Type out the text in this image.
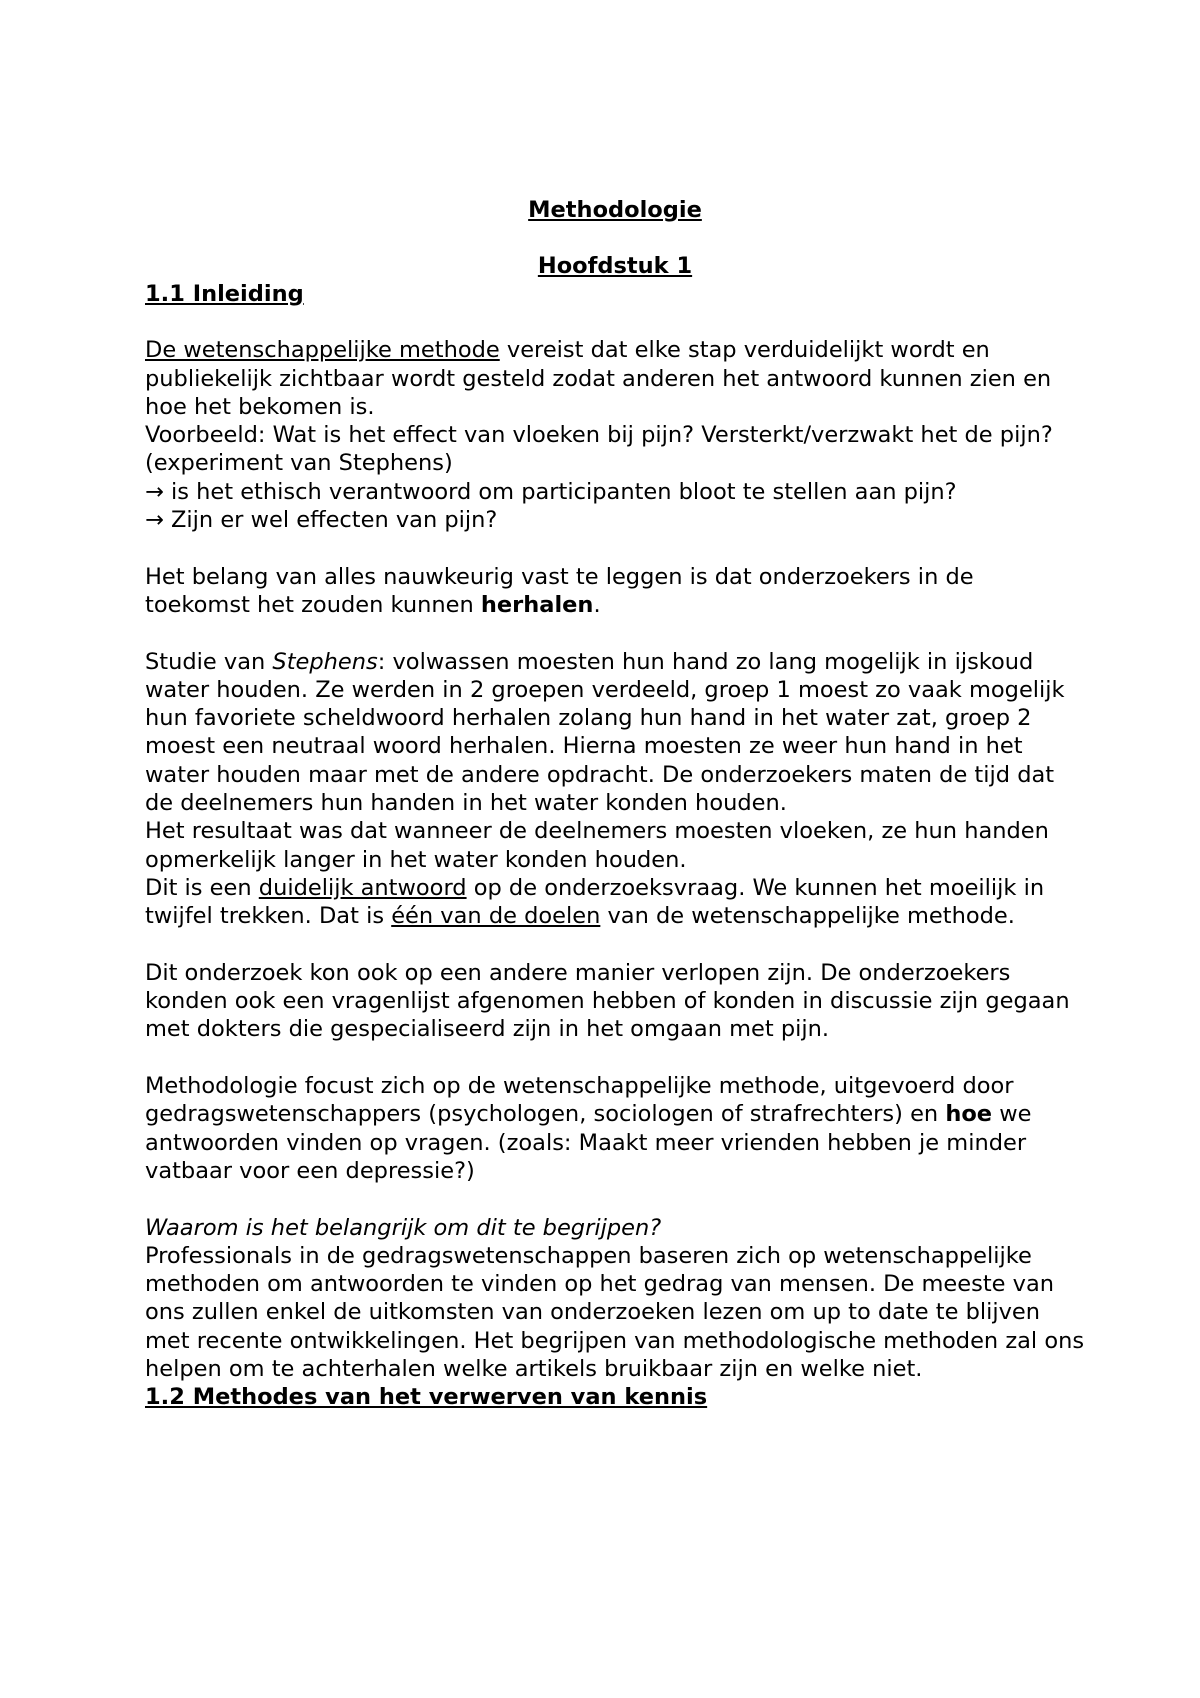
Methodologie
Hoofdstuk 1
1.1 Inleiding

De wetenschappelijke methode vereist dat elke stap verduidelijkt wordt en publiekelijk zichtbaar wordt gesteld zodat anderen het antwoord kunnen zien en hoe het bekomen is.

Voorbeeld: Wat is het effect van vloeken bij pijn? Versterkt/verzwakt het de pijn? (experiment van Stephens)

→ is het ethisch verantwoord om participanten bloot te stellen aan pijn?

→ Zijn er wel effecten van pijn?

Het belang van alles nauwkeurig vast te leggen is dat onderzoekers in de toekomst het zouden kunnen herhalen.

Studie van Stephens: volwassen moesten hun hand zo lang mogelijk in ijskoud water houden. Ze werden in 2 groepen verdeeld, groep 1 moest zo vaak mogelijk hun favoriete scheldwoord herhalen zolang hun hand in het water zat, groep 2 moest een neutraal woord herhalen. Hierna moesten ze weer hun hand in het water houden maar met de andere opdracht. De onderzoekers maten de tijd dat de deelnemers hun handen in het water konden houden.

Het resultaat was dat wanneer de deelnemers moesten vloeken, ze hun handen opmerkelijk langer in het water konden houden.

Dit is een duidelijk antwoord op de onderzoeksvraag. We kunnen het moeilijk in twijfel trekken. Dat is één van de doelen van de wetenschappelijke methode.

Dit onderzoek kon ook op een andere manier verlopen zijn. De onderzoekers konden ook een vragenlijst afgenomen hebben of konden in discussie zijn gegaan met dokters die gespecialiseerd zijn in het omgaan met pijn.

Methodologie focust zich op de wetenschappelijke methode, uitgevoerd door gedragswetenschappers (psychologen, sociologen of strafrechters) en hoe we antwoorden vinden op vragen. (zoals: Maakt meer vrienden hebben je minder vatbaar voor een depressie?)

Waarom is het belangrijk om dit te begrijpen?

Professionals in de gedragswetenschappen baseren zich op wetenschappelijke methoden om antwoorden te vinden op het gedrag van mensen. De meeste van ons zullen enkel de uitkomsten van onderzoeken lezen om up to date te blijven met recente ontwikkelingen. Het begrijpen van methodologische methoden zal ons helpen om te achterhalen welke artikels bruikbaar zijn en welke niet.

1.2 Methodes van het verwerven van kennis
